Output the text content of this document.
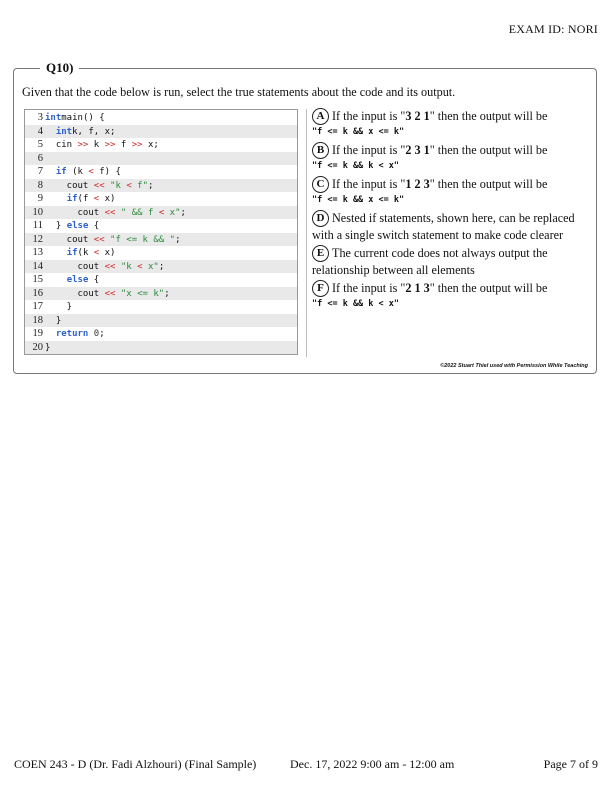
EXAM ID: NORI
Q10)
Given that the code below is run, select the true statements about the code and its output.
3 intmain() {
4 intk, f, x;
5  cin >> k >> f >> x;
6
7 if (k < f) {
8    cout << "k < f";
9	if(f < x)
10      cout << " && f < x";
11  } else {
12    cout << "f <= k && ";
13	if(k < x)
14      cout << "k < x";
15	else {
16      cout << "x <= k";
17    }
18  }
19 return 0;
20 }
A If the input is "3 2 1" then the output will be
"f <= k && x <= k"
B If the input is "2 3 1" then the output will be
"f <= k && k < x"
C If the input is "1 2 3" then the output will be
"f <= k && x <= k"
D Nested if statements, shown here, can be replaced with a single switch statement to make code clearer
E The current code does not always output the relationship between all elements
F If the input is "2 1 3" then the output will be
"f <= k && k < x"
©2022 Stuart Thiel used with Permission While Teaching
COEN 243 - D (Dr. Fadi Alzhouri) (Final Sample)	Dec. 17, 2022 9:00 am - 12:00 am	Page 7 of 9
